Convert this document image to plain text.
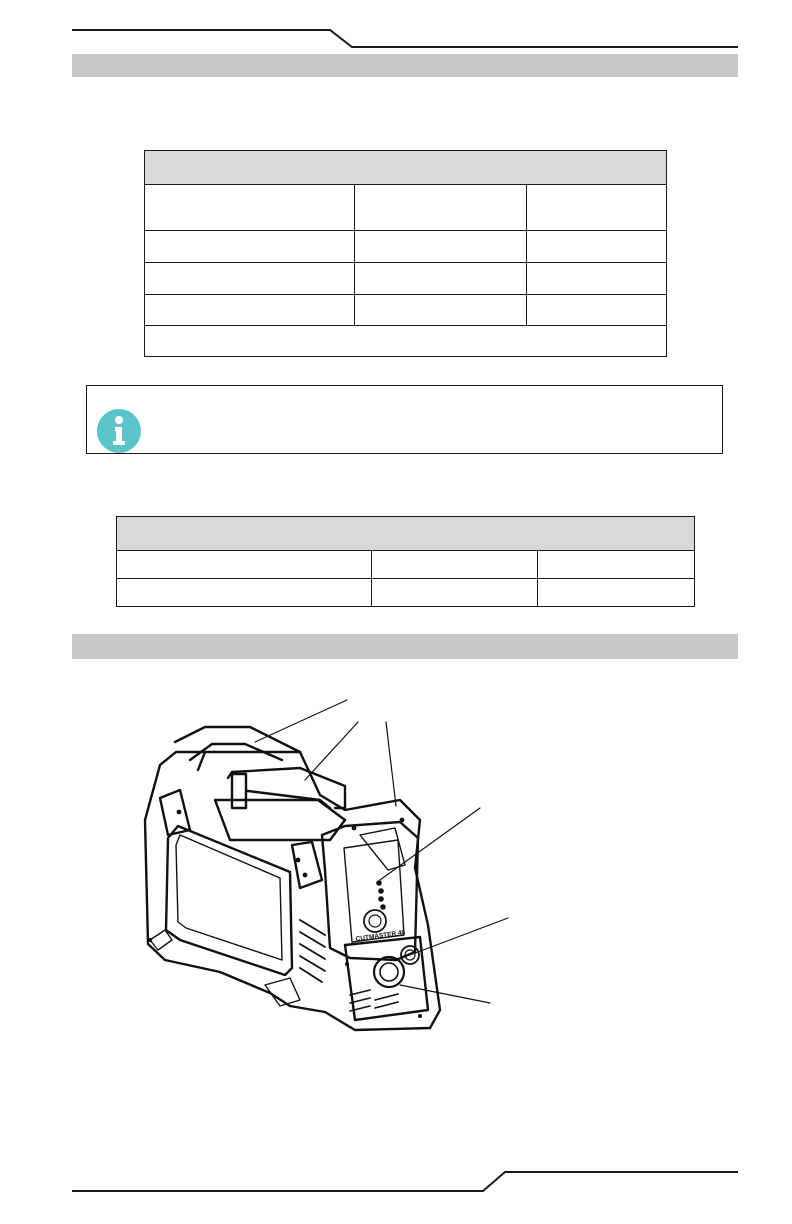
CUTMASTER 40
